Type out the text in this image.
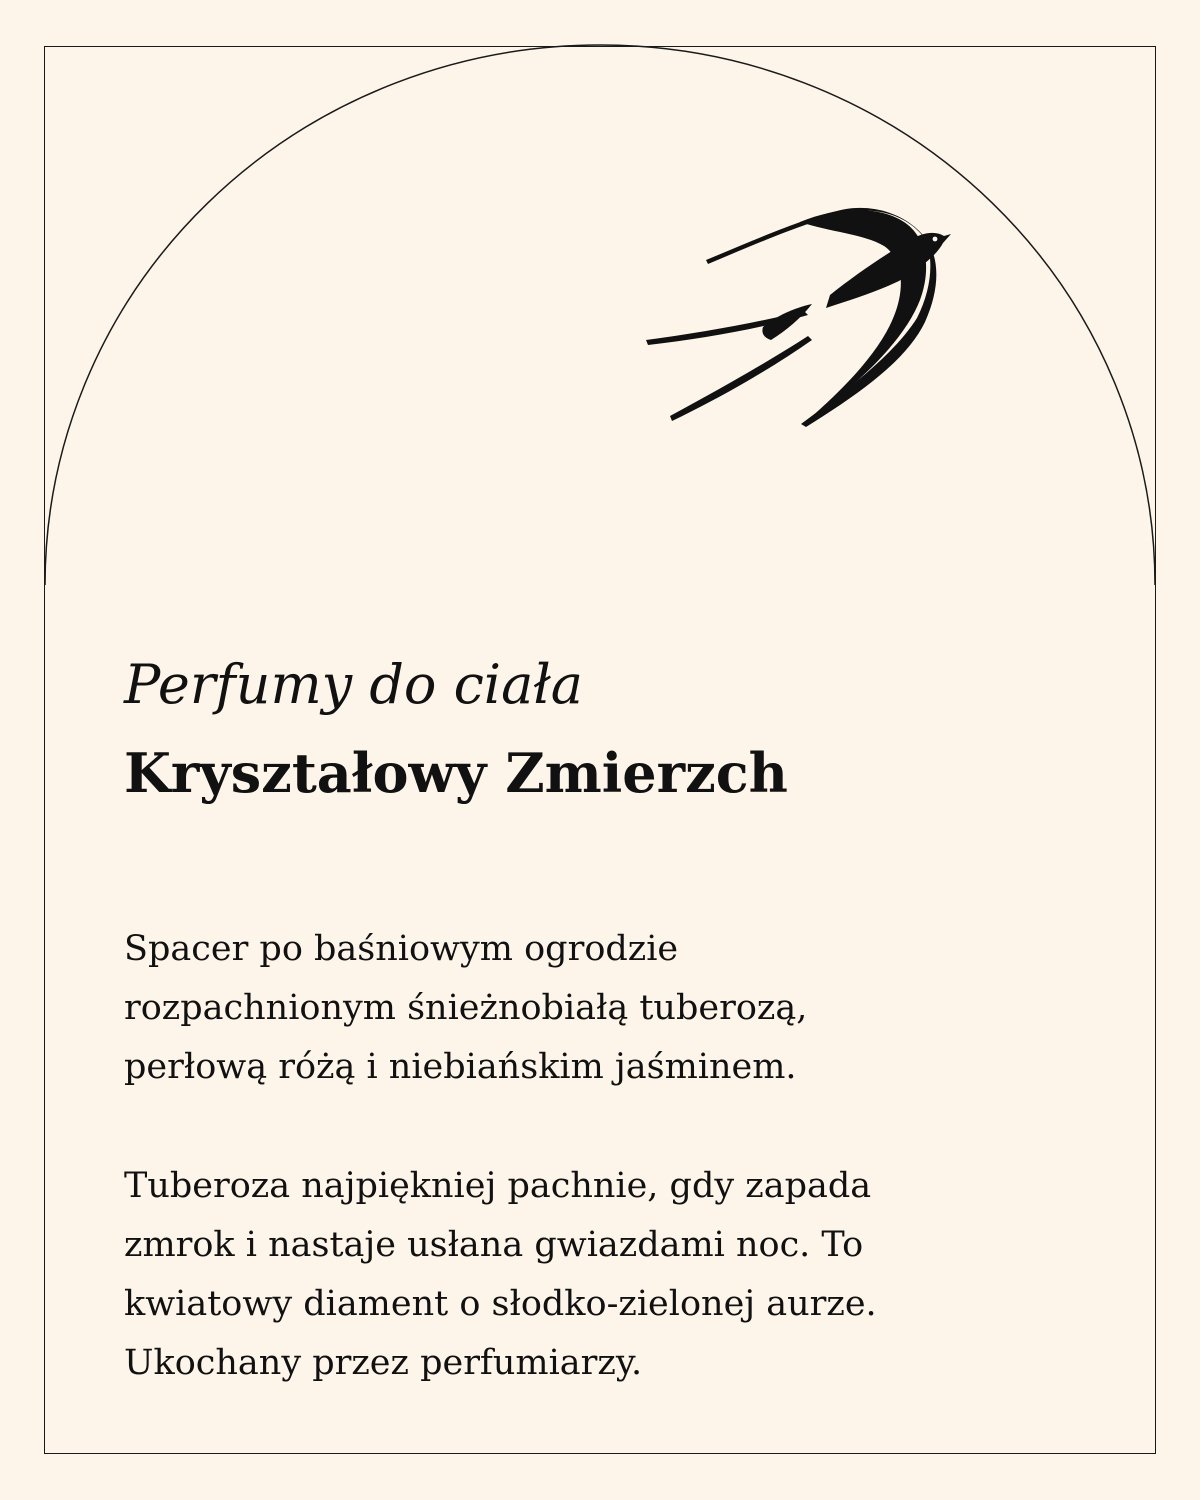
Perfumy do ciała
Kryształowy Zmierzch

Spacer po baśniowym ogrodzie
rozpachnionym śnieżnobiałą tuberozą,
perłową różą i niebiańskim jaśminem.

Tuberoza najpiękniej pachnie, gdy zapada
zmrok i nastaje usłana gwiazdami noc. To
kwiatowy diament o słodko-zielonej aurze.
Ukochany przez perfumiarzy.
